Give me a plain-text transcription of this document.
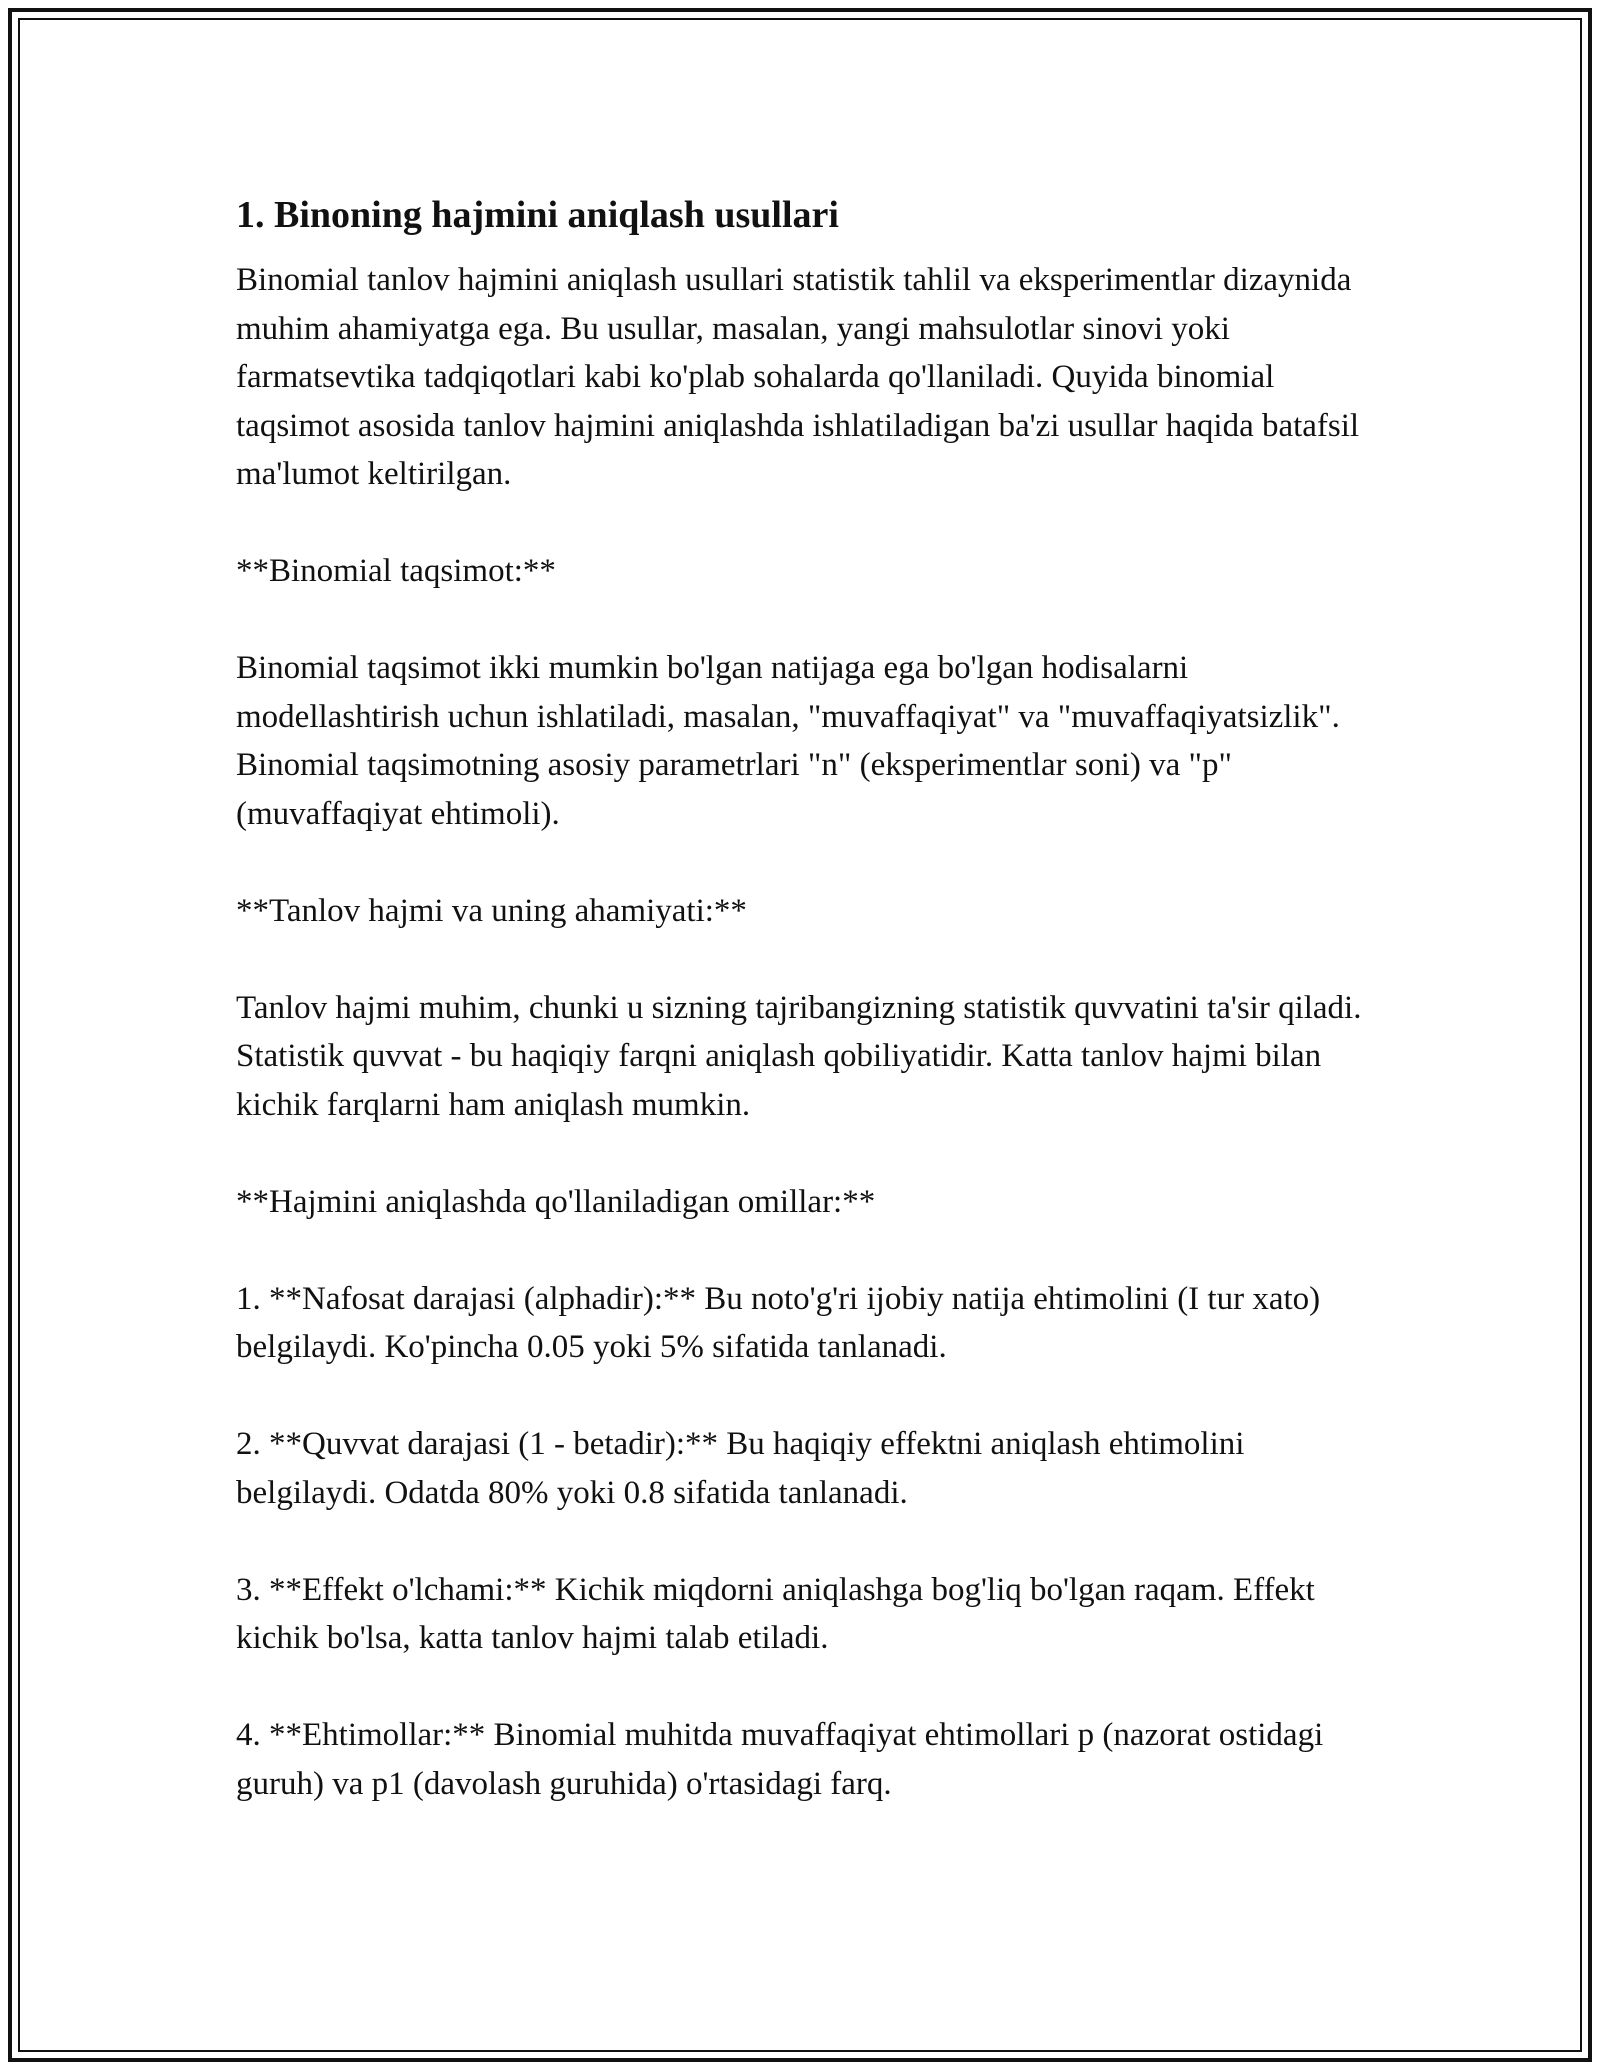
1. Binoning hajmini aniqlash usullari

Binomial tanlov hajmini aniqlash usullari statistik tahlil va eksperimentlar dizaynida muhim ahamiyatga ega. Bu usullar, masalan, yangi mahsulotlar sinovi yoki farmatsevtika tadqiqotlari kabi ko'plab sohalarda qo'llaniladi. Quyida binomial taqsimot asosida tanlov hajmini aniqlashda ishlatiladigan ba'zi usullar haqida batafsil ma'lumot keltirilgan.

**Binomial taqsimot:**

Binomial taqsimot ikki mumkin bo'lgan natijaga ega bo'lgan hodisalarni modellashtirish uchun ishlatiladi, masalan, "muvaffaqiyat" va "muvaffaqiyatsizlik". Binomial taqsimotning asosiy parametrlari "n" (eksperimentlar soni) va "p" (muvaffaqiyat ehtimoli).

**Tanlov hajmi va uning ahamiyati:**

Tanlov hajmi muhim, chunki u sizning tajribangizning statistik quvvatini ta'sir qiladi. Statistik quvvat - bu haqiqiy farqni aniqlash qobiliyatidir. Katta tanlov hajmi bilan kichik farqlarni ham aniqlash mumkin.

**Hajmini aniqlashda qo'llaniladigan omillar:**

1. **Nafosat darajasi (alphadir):** Bu noto'g'ri ijobiy natija ehtimolini (I tur xato) belgilaydi. Ko'pincha 0.05 yoki 5% sifatida tanlanadi.

2. **Quvvat darajasi (1 - betadir):** Bu haqiqiy effektni aniqlash ehtimolini belgilaydi. Odatda 80% yoki 0.8 sifatida tanlanadi.

3. **Effekt o'lchami:** Kichik miqdorni aniqlashga bog'liq bo'lgan raqam. Effekt kichik bo'lsa, katta tanlov hajmi talab etiladi.

4. **Ehtimollar:** Binomial muhitda muvaffaqiyat ehtimollari p (nazorat ostidagi guruh) va p1 (davolash guruhida) o'rtasidagi farq.
